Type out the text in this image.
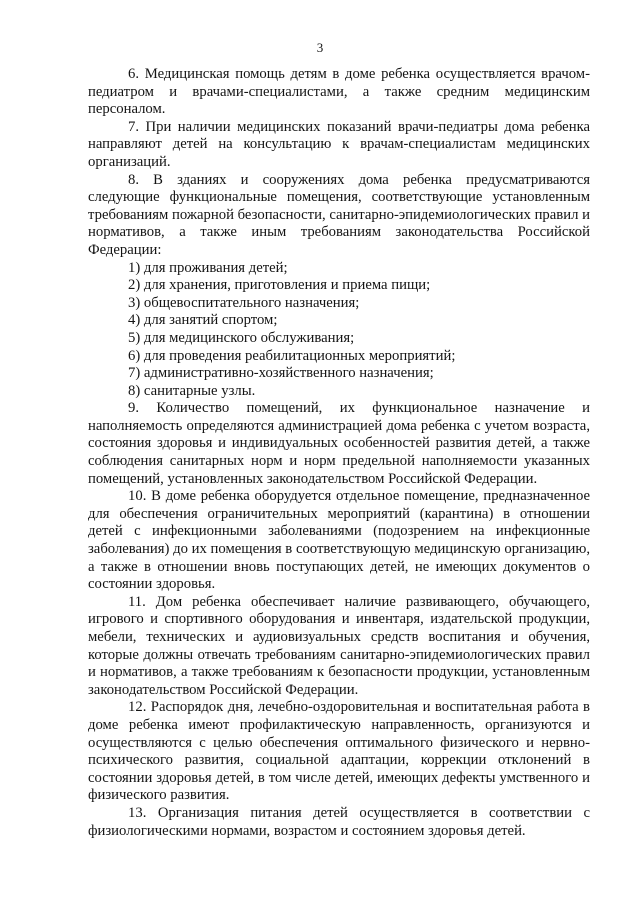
3

6. Медицинская помощь детям в доме ребенка осуществляется врачом-педиатром и врачами-специалистами, а также средним медицинским персоналом.

7. При наличии медицинских показаний врачи-педиатры дома ребенка направляют детей на консультацию к врачам-специалистам медицинских организаций.

8. В зданиях и сооружениях дома ребенка предусматриваются следующие функциональные помещения, соответствующие установленным требованиям пожарной безопасности, санитарно-эпидемиологических правил и нормативов, а также иным требованиям законодательства Российской Федерации:

1) для проживания детей;
2) для хранения, приготовления и приема пищи;
3) общевоспитательного назначения;
4) для занятий спортом;
5) для медицинского обслуживания;
6) для проведения реабилитационных мероприятий;
7) административно-хозяйственного назначения;
8) санитарные узлы.

9. Количество помещений, их функциональное назначение и наполняемость определяются администрацией дома ребенка с учетом возраста, состояния здоровья и индивидуальных особенностей развития детей, а также соблюдения санитарных норм и норм предельной наполняемости указанных помещений, установленных законодательством Российской Федерации.

10. В доме ребенка оборудуется отдельное помещение, предназначенное для обеспечения ограничительных мероприятий (карантина) в отношении детей с инфекционными заболеваниями (подозрением на инфекционные заболевания) до их помещения в соответствующую медицинскую организацию, а также в отношении вновь поступающих детей, не имеющих документов о состоянии здоровья.

11. Дом ребенка обеспечивает наличие развивающего, обучающего, игрового и спортивного оборудования и инвентаря, издательской продукции, мебели, технических и аудиовизуальных средств воспитания и обучения, которые должны отвечать требованиям санитарно-эпидемиологических правил и нормативов, а также требованиям к безопасности продукции, установленным законодательством Российской Федерации.

12. Распорядок дня, лечебно-оздоровительная и воспитательная работа в доме ребенка имеют профилактическую направленность, организуются и осуществляются с целью обеспечения оптимального физического и нервно-психического развития, социальной адаптации, коррекции отклонений в состоянии здоровья детей, в том числе детей, имеющих дефекты умственного и физического развития.

13. Организация питания детей осуществляется в соответствии с физиологическими нормами, возрастом и состоянием здоровья детей.
